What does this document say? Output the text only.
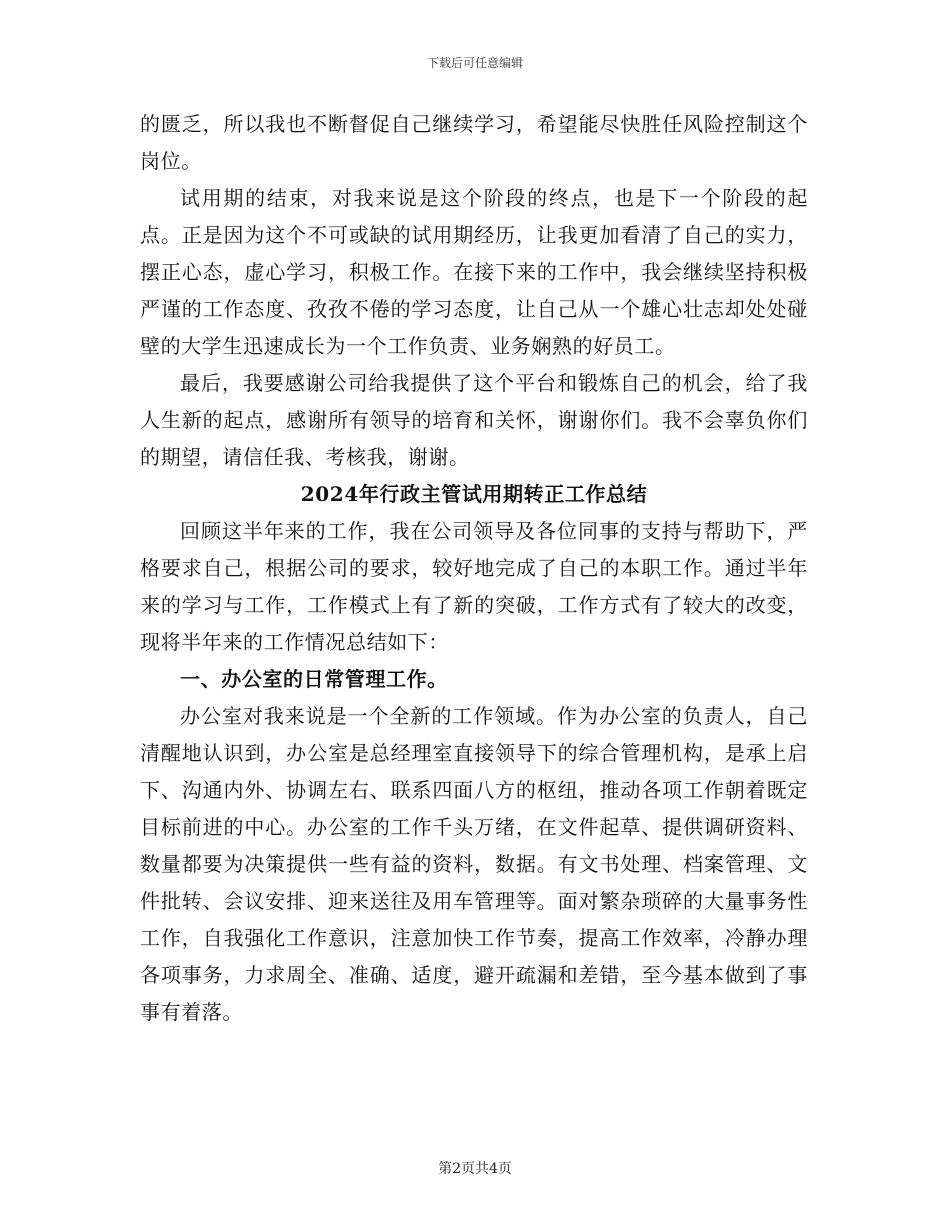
下载后可任意编辑

的匮乏，所以我也不断督促自己继续学习，希望能尽快胜任风险控制这个岗位。

试用期的结束，对我来说是这个阶段的终点，也是下一个阶段的起点。正是因为这个不可或缺的试用期经历，让我更加看清了自己的实力，摆正心态，虚心学习，积极工作。在接下来的工作中，我会继续坚持积极严谨的工作态度、孜孜不倦的学习态度，让自己从一个雄心壮志却处处碰壁的大学生迅速成长为一个工作负责、业务娴熟的好员工。

最后，我要感谢公司给我提供了这个平台和锻炼自己的机会，给了我人生新的起点，感谢所有领导的培育和关怀，谢谢你们。我不会辜负你们的期望，请信任我、考核我，谢谢。

2024年行政主管试用期转正工作总结

回顾这半年来的工作，我在公司领导及各位同事的支持与帮助下，严格要求自己，根据公司的要求，较好地完成了自己的本职工作。通过半年来的学习与工作，工作模式上有了新的突破，工作方式有了较大的改变，现将半年来的工作情况总结如下：

一、办公室的日常管理工作。

办公室对我来说是一个全新的工作领域。作为办公室的负责人，自己清醒地认识到，办公室是总经理室直接领导下的综合管理机构，是承上启下、沟通内外、协调左右、联系四面八方的枢纽，推动各项工作朝着既定目标前进的中心。办公室的工作千头万绪，在文件起草、提供调研资料、数量都要为决策提供一些有益的资料，数据。有文书处理、档案管理、文件批转、会议安排、迎来送往及用车管理等。面对繁杂琐碎的大量事务性工作，自我强化工作意识，注意加快工作节奏，提高工作效率，冷静办理各项事务，力求周全、准确、适度，避开疏漏和差错，至今基本做到了事事有着落。

第2页共4页
